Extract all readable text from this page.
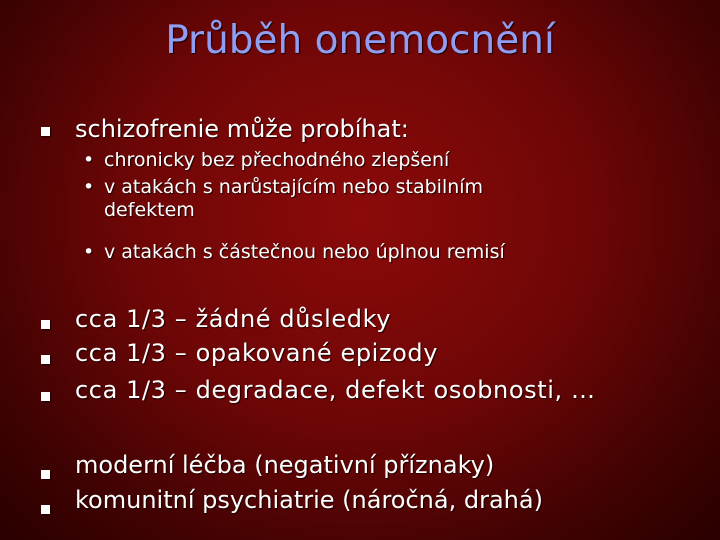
Průběh onemocnění
schizofrenie může probíhat:
• chronicky bez přechodného zlepšení
• v atakách s narůstajícím nebo stabilním
defektem
• v atakách s částečnou nebo úplnou remisí
cca 1/3 – žádné důsledky
cca 1/3 – opakované epizody
cca 1/3 – degradace, defekt osobnosti, …
moderní léčba (negativní příznaky)
komunitní psychiatrie (náročná, drahá)
